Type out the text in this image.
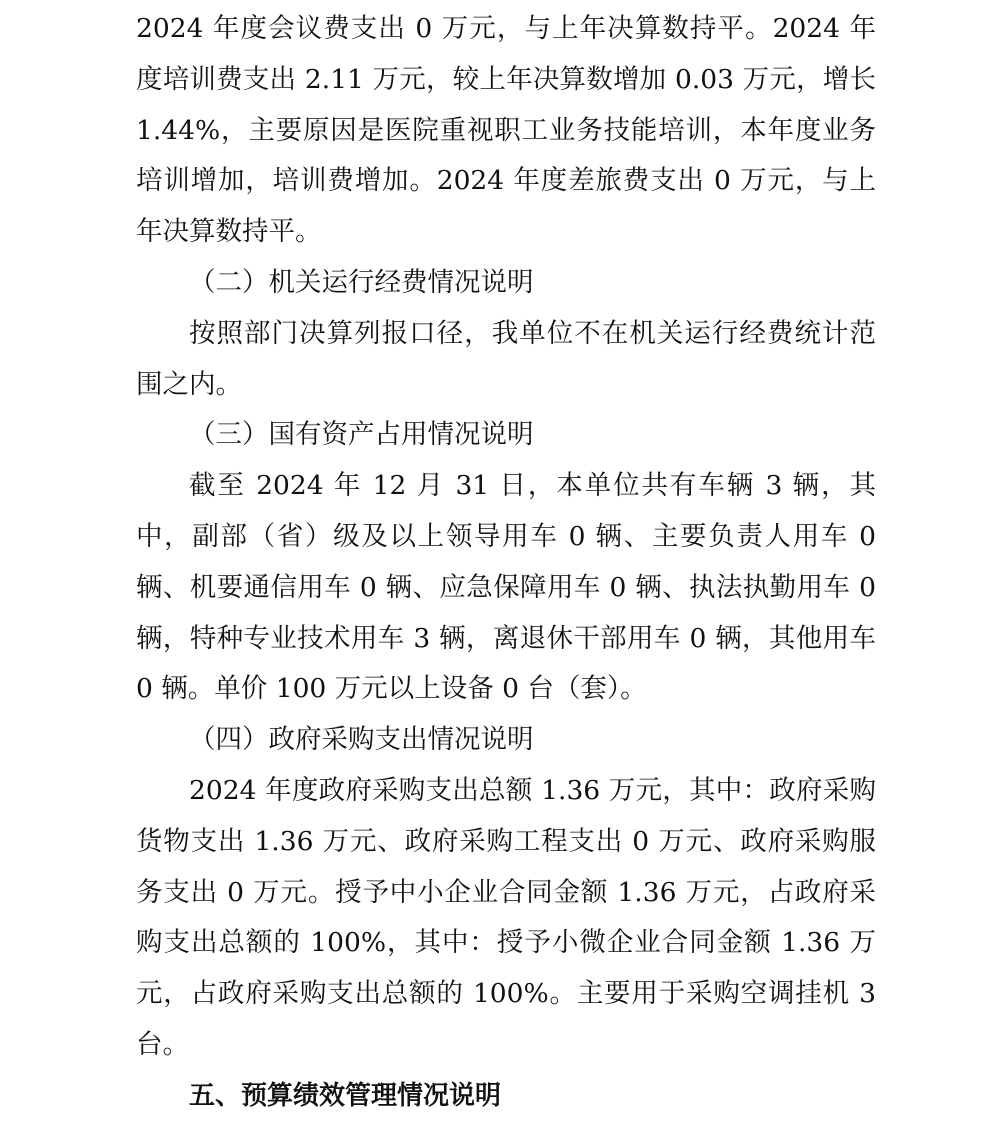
2024 年度会议费支出 0 万元，与上年决算数持平。2024 年度培训费支出 2.11 万元，较上年决算数增加 0.03 万元，增长 1.44%，主要原因是医院重视职工业务技能培训，本年度业务培训增加，培训费增加。2024 年度差旅费支出 0 万元，与上年决算数持平。

（二）机关运行经费情况说明

按照部门决算列报口径，我单位不在机关运行经费统计范围之内。

（三）国有资产占用情况说明

截至 2024 年 12 月 31 日，本单位共有车辆 3 辆，其中，副部（省）级及以上领导用车 0 辆、主要负责人用车 0 辆、机要通信用车 0 辆、应急保障用车 0 辆、执法执勤用车 0 辆，特种专业技术用车 3 辆，离退休干部用车 0 辆，其他用车 0 辆。单价 100 万元以上设备 0 台（套）。

（四）政府采购支出情况说明

2024 年度政府采购支出总额 1.36 万元，其中：政府采购货物支出 1.36 万元、政府采购工程支出 0 万元、政府采购服务支出 0 万元。授予中小企业合同金额 1.36 万元，占政府采购支出总额的 100%，其中：授予小微企业合同金额 1.36 万元，占政府采购支出总额的 100%。主要用于采购空调挂机 3 台。

五、预算绩效管理情况说明
